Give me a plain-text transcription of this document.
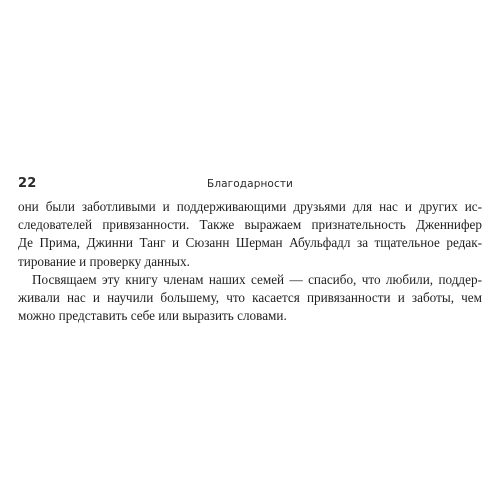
22	Благодарности
они были заботливыми и поддерживающими друзьями для нас и других ис-
следователей привязанности. Также выражаем признательность Дженнифер
Де Прима, Джинни Танг и Сюзанн Шерман Абульфадл за тщательное редак-
тирование и проверку данных.
Посвящаем эту книгу членам наших семей — спасибо, что любили, поддер-
живали нас и научили большему, что касается привязанности и заботы, чем
можно представить себе или выразить словами.
